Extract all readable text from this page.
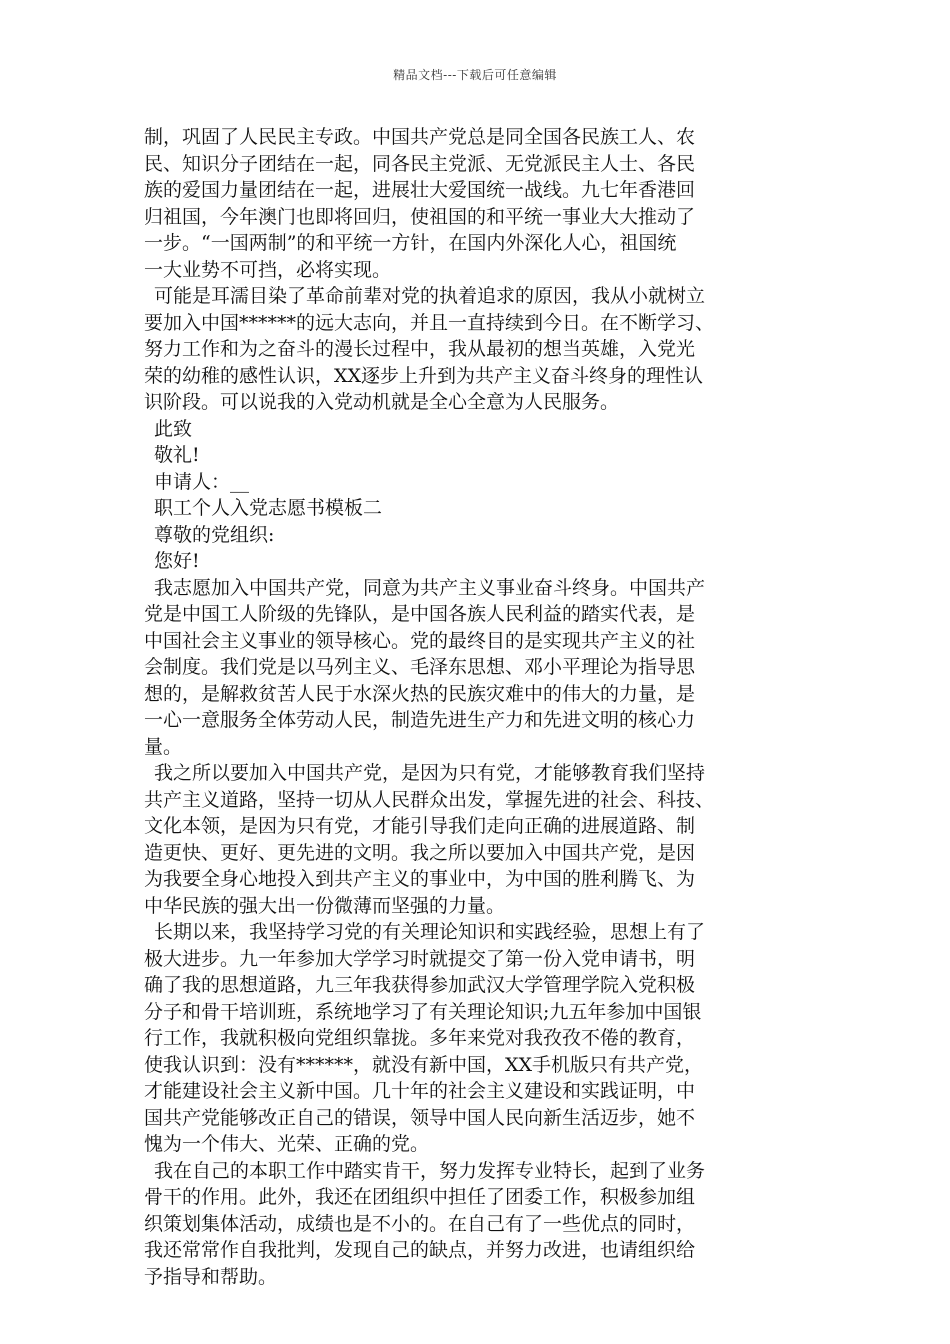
精品文档---下载后可任意编辑
制，巩固了人民民主专政。中国共产党总是同全国各民族工人、农
民、知识分子团结在一起，同各民主党派、无党派民主人士、各民
族的爱国力量团结在一起，进展壮大爱国统一战线。九七年香港回
归祖国，今年澳门也即将回归，使祖国的和平统一事业大大推动了
一步。“一国两制”的和平统一方针，在国内外深化人心，祖国统
一大业势不可挡，必将实现。
可能是耳濡目染了革命前辈对党的执着追求的原因，我从小就树立
要加入中国******的远大志向，并且一直持续到今日。在不断学习、
努力工作和为之奋斗的漫长过程中，我从最初的想当英雄，入党光
荣的幼稚的感性认识，XX逐步上升到为共产主义奋斗终身的理性认
识阶段。可以说我的入党动机就是全心全意为人民服务。
此致
敬礼!
申请人：__
职工个人入党志愿书模板二
尊敬的党组织:
您好!
我志愿加入中国共产党，同意为共产主义事业奋斗终身。中国共产
党是中国工人阶级的先锋队，是中国各族人民利益的踏实代表，是
中国社会主义事业的领导核心。党的最终目的是实现共产主义的社
会制度。我们党是以马列主义、毛泽东思想、邓小平理论为指导思
想的，是解救贫苦人民于水深火热的民族灾难中的伟大的力量，是
一心一意服务全体劳动人民，制造先进生产力和先进文明的核心力
量。
我之所以要加入中国共产党，是因为只有党，才能够教育我们坚持
共产主义道路，坚持一切从人民群众出发，掌握先进的社会、科技、
文化本领，是因为只有党，才能引导我们走向正确的进展道路、制
造更快、更好、更先进的文明。我之所以要加入中国共产党，是因
为我要全身心地投入到共产主义的事业中，为中国的胜利腾飞、为
中华民族的强大出一份微薄而坚强的力量。
长期以来，我坚持学习党的有关理论知识和实践经验，思想上有了
极大进步。九一年参加大学学习时就提交了第一份入党申请书，明
确了我的思想道路，九三年我获得参加武汉大学管理学院入党积极
分子和骨干培训班，系统地学习了有关理论知识;九五年参加中国银
行工作，我就积极向党组织靠拢。多年来党对我孜孜不倦的教育，
使我认识到：没有******，就没有新中国，XX手机版只有共产党，
才能建设社会主义新中国。几十年的社会主义建设和实践证明，中
国共产党能够改正自己的错误，领导中国人民向新生活迈步，她不
愧为一个伟大、光荣、正确的党。
我在自己的本职工作中踏实肯干，努力发挥专业特长，起到了业务
骨干的作用。此外，我还在团组织中担任了团委工作，积极参加组
织策划集体活动，成绩也是不小的。在自己有了一些优点的同时，
我还常常作自我批判，发现自己的缺点，并努力改进，也请组织给
予指导和帮助。
